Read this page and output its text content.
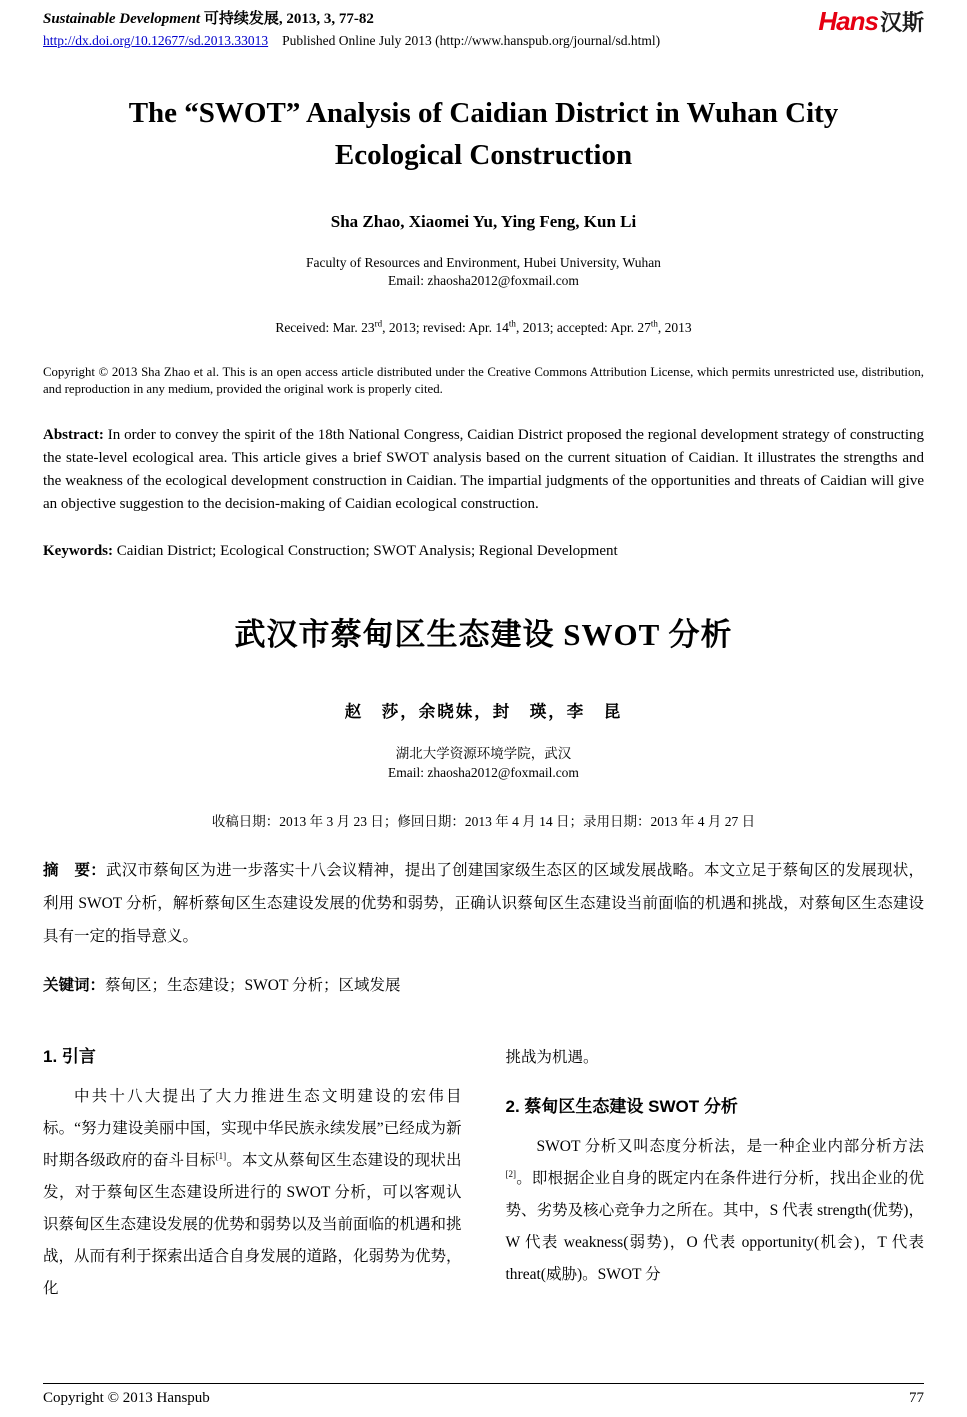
Sustainable Development 可持续发展, 2013, 3, 77-82
http://dx.doi.org/10.12677/sd.2013.33013 Published Online July 2013 (http://www.hanspub.org/journal/sd.html)
Hans汉斯
The “SWOT” Analysis of Caidian District in Wuhan City Ecological Construction
Sha Zhao, Xiaomei Yu, Ying Feng, Kun Li
Faculty of Resources and Environment, Hubei University, Wuhan
Email: zhaosha2012@foxmail.com
Received: Mar. 23rd, 2013; revised: Apr. 14th, 2013; accepted: Apr. 27th, 2013
Copyright © 2013 Sha Zhao et al. This is an open access article distributed under the Creative Commons Attribution License, which permits unrestricted use, distribution, and reproduction in any medium, provided the original work is properly cited.
Abstract: In order to convey the spirit of the 18th National Congress, Caidian District proposed the regional development strategy of constructing the state-level ecological area. This article gives a brief SWOT analysis based on the current situation of Caidian. It illustrates the strengths and the weakness of the ecological development construction in Caidian. The impartial judgments of the opportunities and threats of Caidian will give an objective suggestion to the decision-making of Caidian ecological construction.
Keywords: Caidian District; Ecological Construction; SWOT Analysis; Regional Development
武汉市蔡甸区生态建设 SWOT 分析
赵　莎，余晓妹，封　瑛，李　昆
湖北大学资源环境学院，武汉
Email: zhaosha2012@foxmail.com
收稿日期：2013 年 3 月 23 日；修回日期：2013 年 4 月 14 日；录用日期：2013 年 4 月 27 日
摘　要：武汉市蔡甸区为进一步落实十八会议精神，提出了创建国家级生态区的区域发展战略。本文立足于蔡甸区的发展现状，利用 SWOT 分析，解析蔡甸区生态建设发展的优势和弱势，正确认识蔡甸区生态建设当前面临的机遇和挑战，对蔡甸区生态建设具有一定的指导意义。
关键词：蔡甸区；生态建设；SWOT 分析；区域发展
1. 引言

中共十八大提出了大力推进生态文明建设的宏伟目标。“努力建设美丽中国，实现中华民族永续发展”已经成为新时期各级政府的奋斗目标[1]。本文从蔡甸区生态建设的现状出发，对于蔡甸区生态建设所进行的 SWOT 分析，可以客观认识蔡甸区生态建设发展的优势和弱势以及当前面临的机遇和挑战，从而有利于探索出适合自身发展的道路，化弱势为优势，化

挑战为机遇。

2. 蔡甸区生态建设 SWOT 分析

SWOT 分析又叫态度分析法，是一种企业内部分析方法[2]。即根据企业自身的既定内在条件进行分析，找出企业的优势、劣势及核心竞争力之所在。其中，S 代表 strength(优势)，W 代表 weakness(弱势)，O 代表 opportunity(机会)，T 代表 threat(威胁)。SWOT 分

Copyright © 2013 Hanspub	77
